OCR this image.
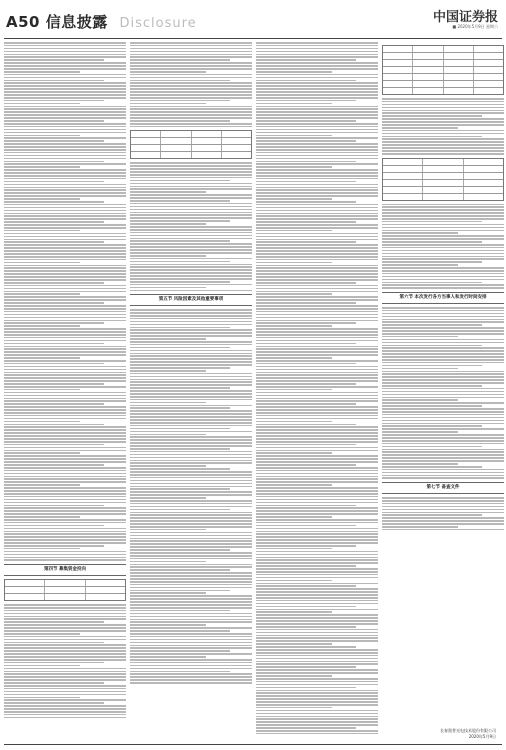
A50 信息披露 Disclosure	中国证券报
■ 2020年5月9日 星期六
第四节 募集资金投向
第五节 风险因素及其他重要事项	第六节 本次发行各方当事人和发行时间安排
第七节 备查文件
长春奥普光电技术股份有限公司
2020年5月9日
